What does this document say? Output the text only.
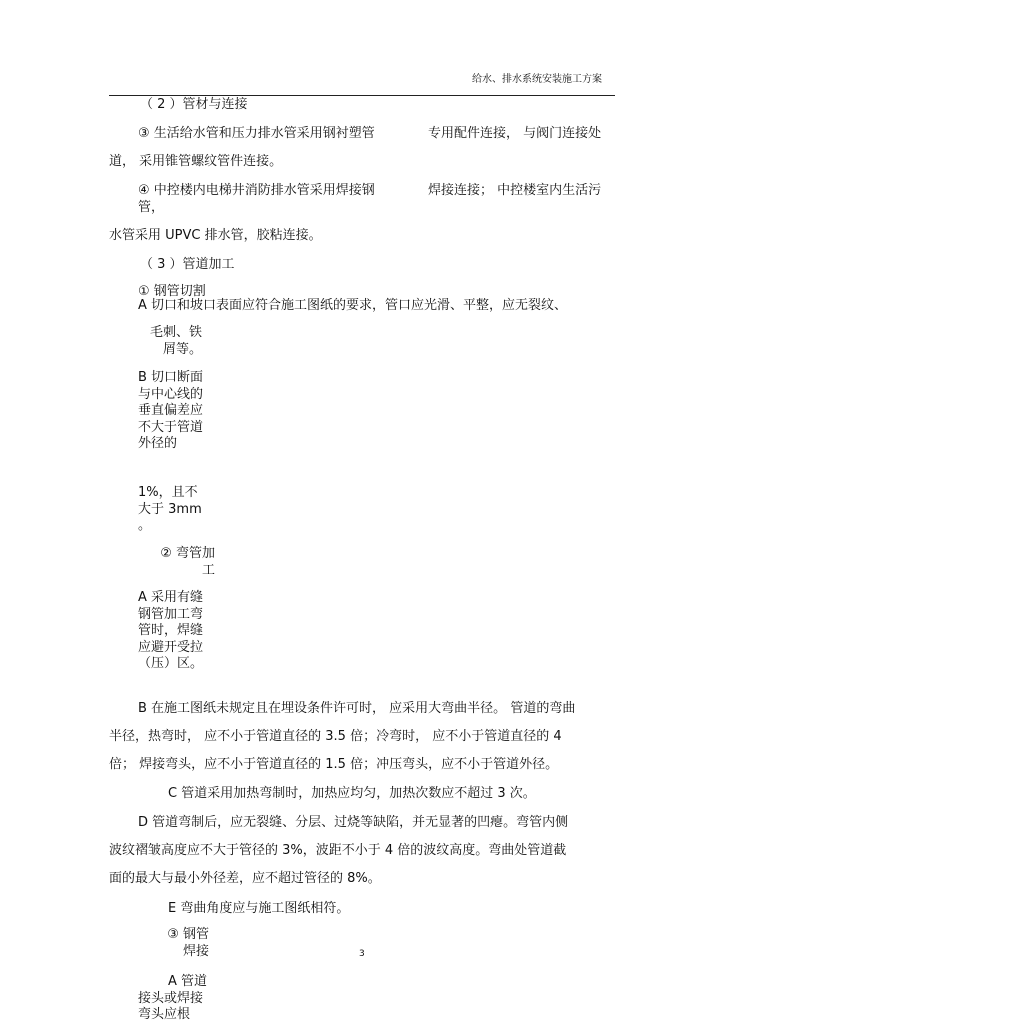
给水、排水系统安装施工方案
（ 2 ）管材与连接
③ 生活给水管和压力排水管采用钢衬塑管	专用配件连接， 与阀门连接处
道， 采用锥管螺纹管件连接。
④ 中控楼内电梯井消防排水管采用焊接钢管，
焊接连接； 中控楼室内生活污
水管采用 UPVC 排水管，胶粘连接。
（ 3 ）管道加工
① 钢管切割
A 切口和坡口表面应符合施工图纸的要求，管口应光滑、平整，应无裂纹、
毛刺、铁
屑等。
B 切口断面与中心线的垂直偏差应不大于管道外径的
1%，且不大于 3mm 。
② 弯管加工
A 采用有缝钢管加工弯管时，焊缝应避开受拉（压）区。
B 在施工图纸未规定且在埋设条件许可时， 应采用大弯曲半径。 管道的弯曲
半径，热弯时， 应不小于管道直径的 3.5 倍；冷弯时， 应不小于管道直径的 4
倍； 焊接弯头，应不小于管道直径的 1.5 倍；冲压弯头，应不小于管道外径。
C 管道采用加热弯制时，加热应均匀，加热次数应不超过 3 次。
D 管道弯制后，应无裂缝、分层、过烧等缺陷，并无显著的凹瘪。弯管内侧
波纹褶皱高度应不大于管径的 3%，波距不小于 4 倍的波纹高度。弯曲处管道截
面的最大与最小外径差，应不超过管径的 8%。
E 弯曲角度应与施工图纸相符。
③ 钢管焊接	3
A 管道接头或焊接弯头应根
